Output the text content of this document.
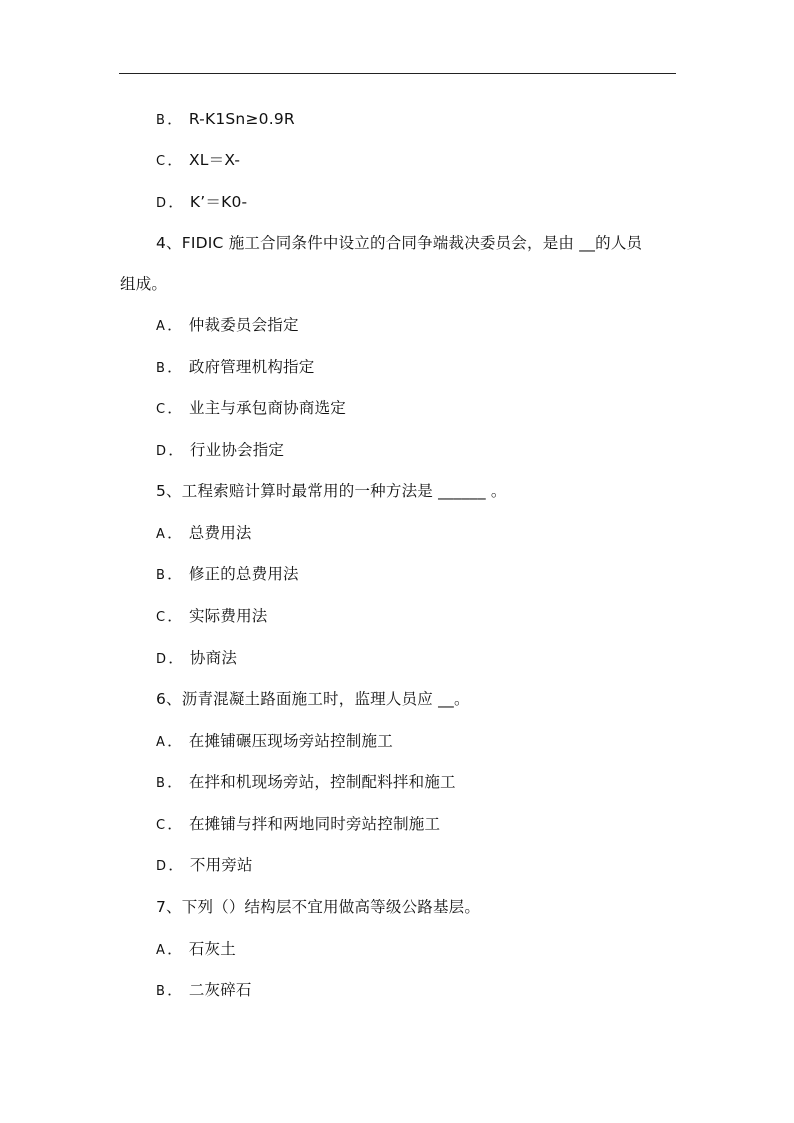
B ． R-K1Sn≥0.9R
C ． XL＝X-
D ． K’＝K0-
4、FIDIC 施工合同条件中设立的合同争端裁决委员会，是由 __的人员
组成。
A ． 仲裁委员会指定
B ． 政府管理机构指定
C ． 业主与承包商协商选定
D ． 行业协会指定
5、工程索赔计算时最常用的一种方法是 ______ 。
A ． 总费用法
B ． 修正的总费用法
C ． 实际费用法
D ． 协商法
6、沥青混凝土路面施工时，监理人员应 __。
A ． 在摊铺碾压现场旁站控制施工
B ． 在拌和机现场旁站，控制配料拌和施工
C ． 在摊铺与拌和两地同时旁站控制施工
D ． 不用旁站
7、下列（）结构层不宜用做高等级公路基层。
A ． 石灰土
B ． 二灰碎石
